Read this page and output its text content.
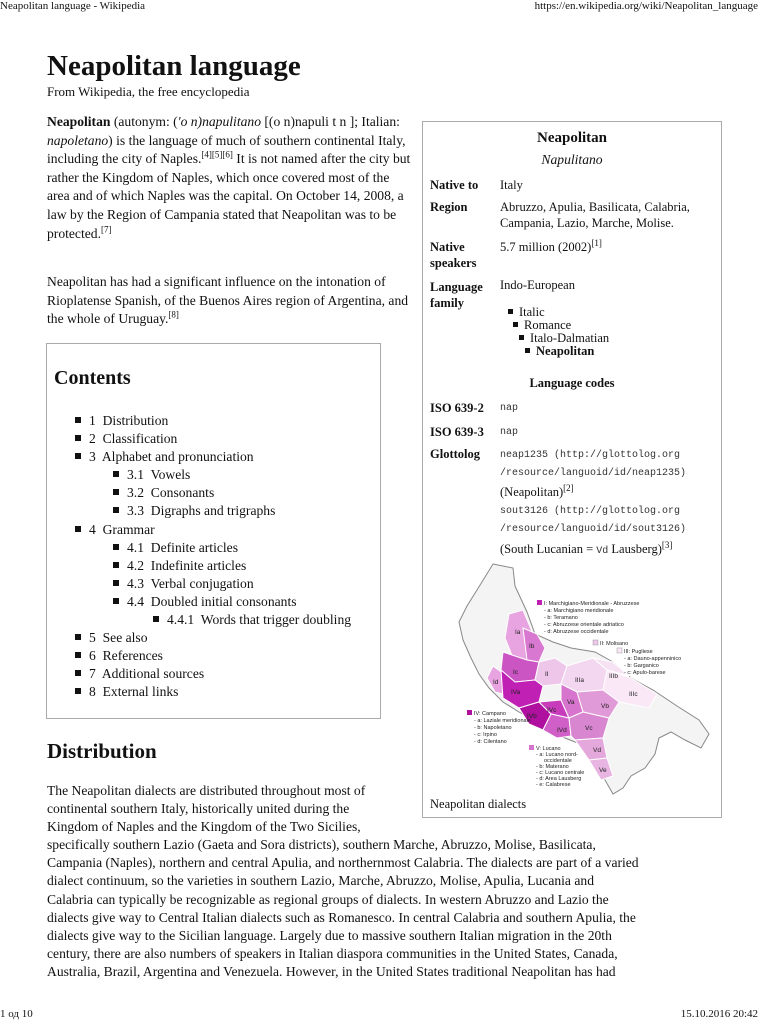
Neapolitan language - Wikipedia	https://en.wikipedia.org/wiki/Neapolitan_language
Neapolitan language
From Wikipedia, the free encyclopedia

Neapolitan (autonym: ('o n)napulitano [(o n)napuli t n ]; Italian: napoletano) is the language of much of southern continental Italy, including the city of Naples.[4][5][6] It is not named after the city but rather the Kingdom of Naples, which once covered most of the area and of which Naples was the capital. On October 14, 2008, a law by the Region of Campania stated that Neapolitan was to be protected.[7]

Neapolitan has had a significant influence on the intonation of Rioplatense Spanish, of the Buenos Aires region of Argentina, and the whole of Uruguay.[8]

Contents
1 Distribution
2 Classification
3 Alphabet and pronunciation
3.1 Vowels
3.2 Consonants
3.3 Digraphs and trigraphs
4 Grammar
4.1 Definite articles
4.2 Indefinite articles
4.3 Verbal conjugation
4.4 Doubled initial consonants
4.4.1 Words that trigger doubling
5 See also
6 References
7 Additional sources
8 External links
Distribution

The Neapolitan dialects are distributed throughout most of
continental southern Italy, historically united during the
Kingdom of Naples and the Kingdom of the Two Sicilies,
specifically southern Lazio (Gaeta and Sora districts), southern Marche, Abruzzo, Molise, Basilicata,
Campania (Naples), northern and central Apulia, and northernmost Calabria. The dialects are part of a varied
dialect continuum, so the varieties in southern Lazio, Marche, Abruzzo, Molise, Apulia, Lucania and
Calabria can typically be recognizable as regional groups of dialects. In western Abruzzo and Lazio the
dialects give way to Central Italian dialects such as Romanesco. In central Calabria and southern Apulia, the
dialects give way to the Sicilian language. Largely due to massive southern Italian migration in the 20th
century, there are also numbers of speakers in Italian diaspora communities in the United States, Canada,
Australia, Brazil, Argentina and Venezuela. However, in the United States traditional Neapolitan has had

Neapolitan
Napulitano
Native to Italy
Region	Abruzzo, Apulia, Basilicata, Calabria, Campania, Lazio, Marche, Molise.
Native speakers
5.7 million (2002)[1]
Language family
Indo-European
Italic
Romance
Italo-Dalmatian
Neapolitan
Language codes
ISO 639-2 nap
ISO 639-3 nap
Glottolog neap1235 (http://glottolog.org
/resource/languoid/id/neap1235)
(Neapolitan)[2]
sout3126 (http://glottolog.org
/resource/languoid/id/sout3126)
(South Lucanian = Vd Lausberg)[3]
Ia
Ib
Ic
Id
II
IIIa
IIIb
IIIc
IVa
IVb
IVc
IVd
Va
Vb
Vc
Vd
Ve
I: Marchigiano-Meridionale - Abruzzese
- a: Marchigiano meridionale
- b: Teramano
- c: Abruzzese orientale adriatico
- d: Abruzzese occidentale
II: Molisano
III: Pugliese
- a: Dauno-appenninico
- b: Garganico
- c: Apulo-barese
IV: Campano
- a: Laziale meridionale
- b: Napoletano
- c: Irpino
- d: Cilentano
V: Lucano
- a: Lucano nord-
occidentale
- b: Materano
- c: Lucano centrale
- d: Area Lausberg
- e: Calabrese
Neapolitan dialects
1 од 10	15.10.2016 20:42
